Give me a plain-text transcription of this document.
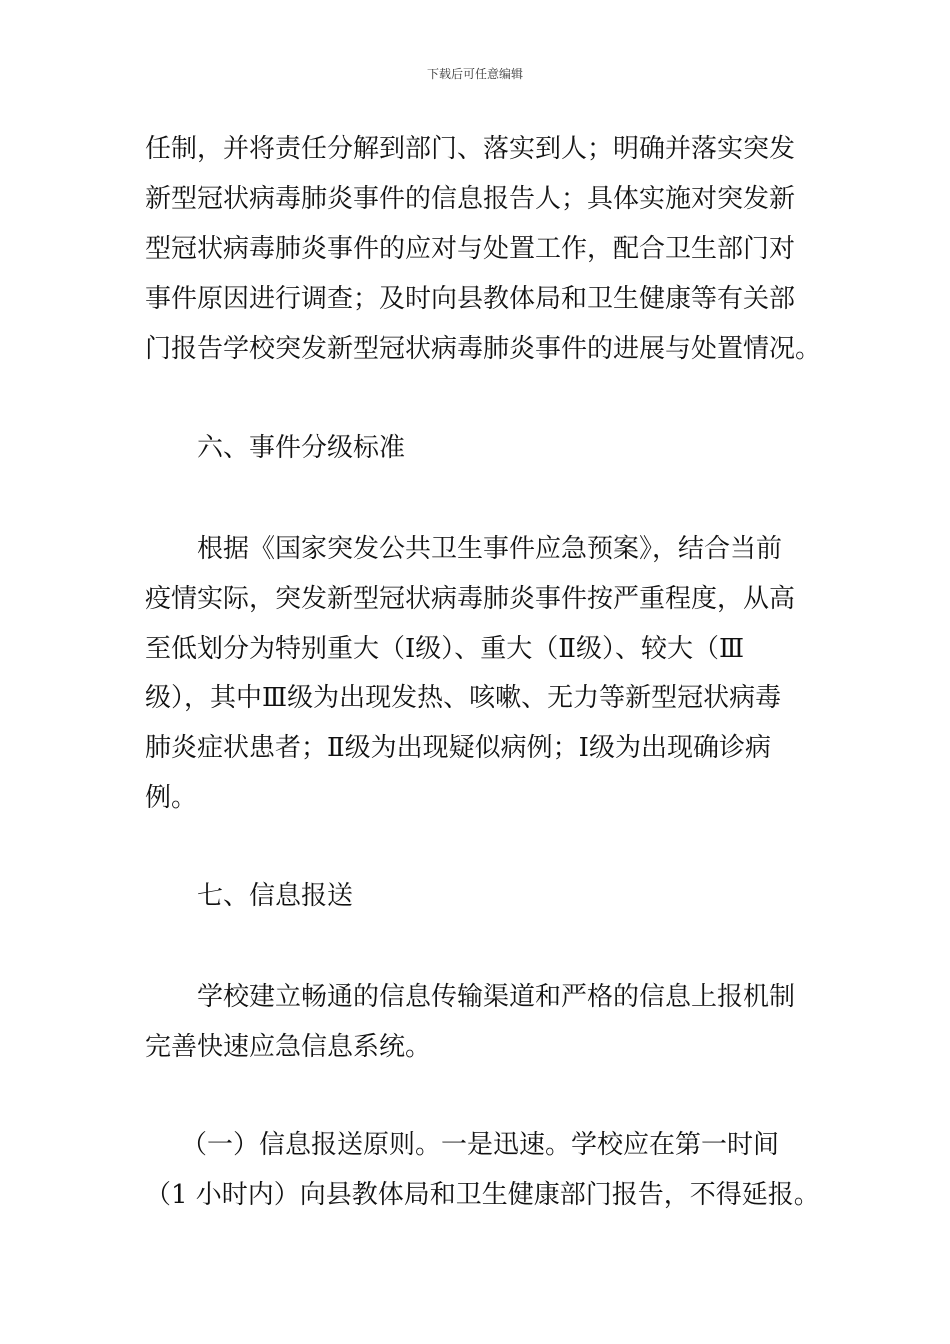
下载后可任意编辑
任制，并将责任分解到部门、落实到人；明确并落实突发
新型冠状病毒肺炎事件的信息报告人；具体实施对突发新
型冠状病毒肺炎事件的应对与处置工作，配合卫生部门对
事件原因进行调查；及时向县教体局和卫生健康等有关部
门报告学校突发新型冠状病毒肺炎事件的进展与处置情况。
六、事件分级标准
根据《国家突发公共卫生事件应急预案》，结合当前
疫情实际，突发新型冠状病毒肺炎事件按严重程度，从高
至低划分为特别重大（Ⅰ级）、重大（Ⅱ级）、较大（Ⅲ
级），其中Ⅲ级为出现发热、咳嗽、无力等新型冠状病毒
肺炎症状患者；Ⅱ级为出现疑似病例；Ⅰ级为出现确诊病
例。
七、信息报送
学校建立畅通的信息传输渠道和严格的信息上报机制
完善快速应急信息系统。
（一）信息报送原则。一是迅速。学校应在第一时间
（1 小时内）向县教体局和卫生健康部门报告，不得延报。
